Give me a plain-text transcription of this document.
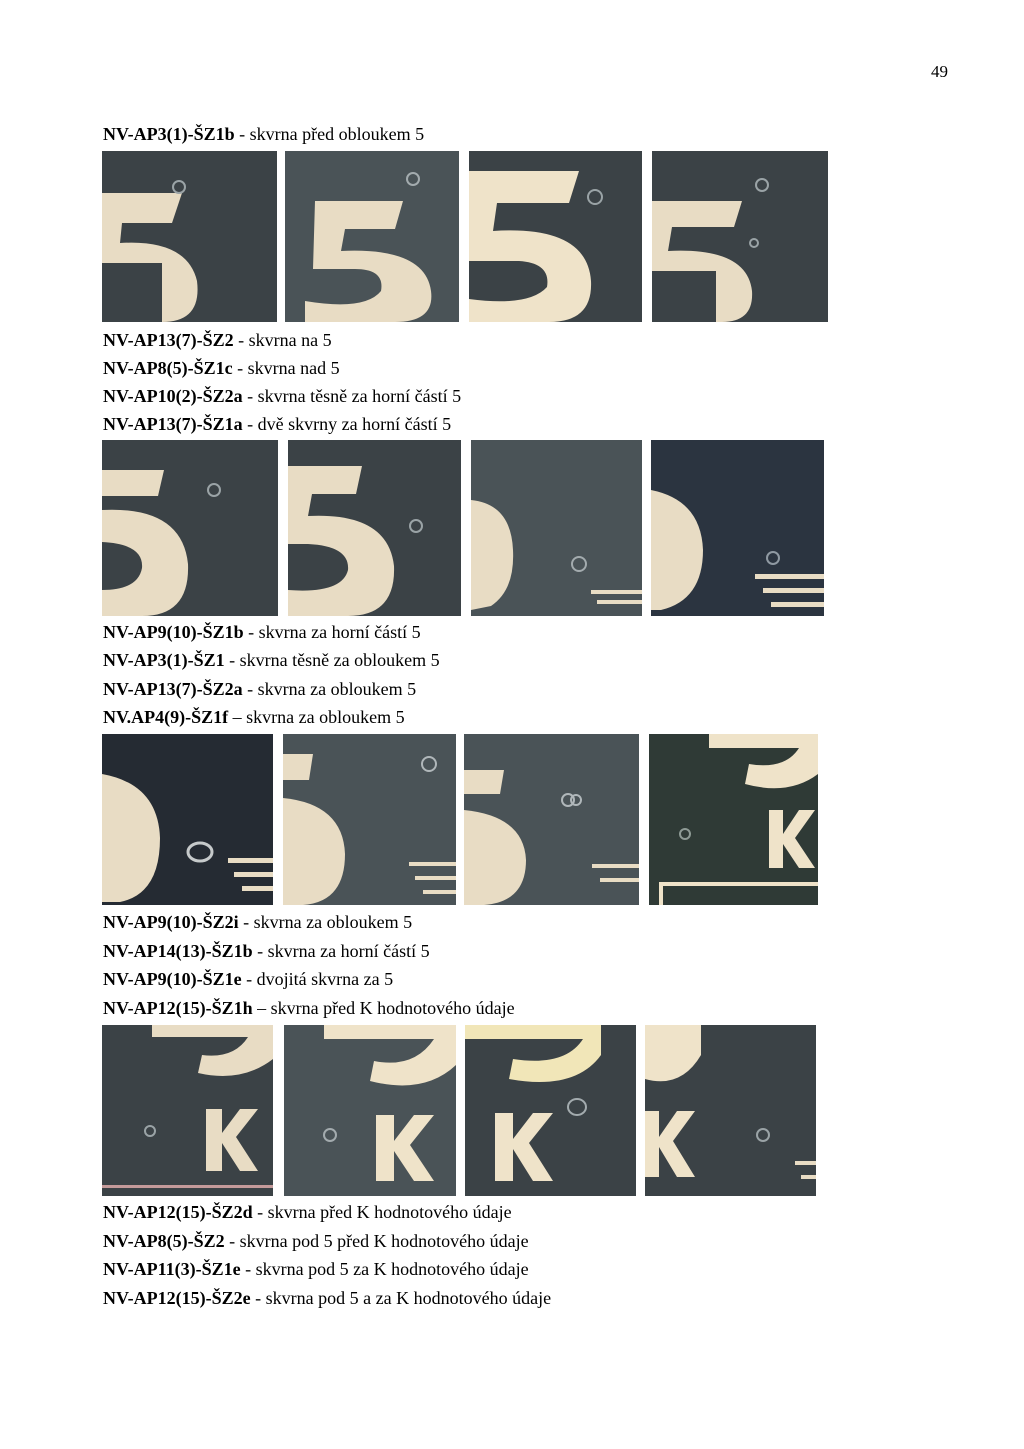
49
NV-AP3(1)-ŠZ1b - skvrna před obloukem 5
NV-AP13(7)-ŠZ2 - skvrna na 5
NV-AP8(5)-ŠZ1c - skvrna nad 5
NV-AP10(2)-ŠZ2a - skvrna těsně za horní částí 5
NV-AP13(7)-ŠZ1a - dvě skvrny za horní částí 5
NV-AP9(10)-ŠZ1b - skvrna za horní částí 5
NV-AP3(1)-ŠZ1 - skvrna těsně za obloukem 5
NV-AP13(7)-ŠZ2a - skvrna za obloukem 5
NV.AP4(9)-ŠZ1f – skvrna za obloukem 5
NV-AP9(10)-ŠZ2i - skvrna za obloukem 5
NV-AP14(13)-ŠZ1b - skvrna za horní částí 5
NV-AP9(10)-ŠZ1e - dvojitá skvrna za 5
NV-AP12(15)-ŠZ1h – skvrna před K hodnotového údaje
NV-AP12(15)-ŠZ2d - skvrna před K hodnotového údaje
NV-AP8(5)-ŠZ2 - skvrna pod 5 před K hodnotového údaje
NV-AP11(3)-ŠZ1e - skvrna pod 5 za K hodnotového údaje
NV-AP12(15)-ŠZ2e - skvrna pod 5 a za K hodnotového údaje
